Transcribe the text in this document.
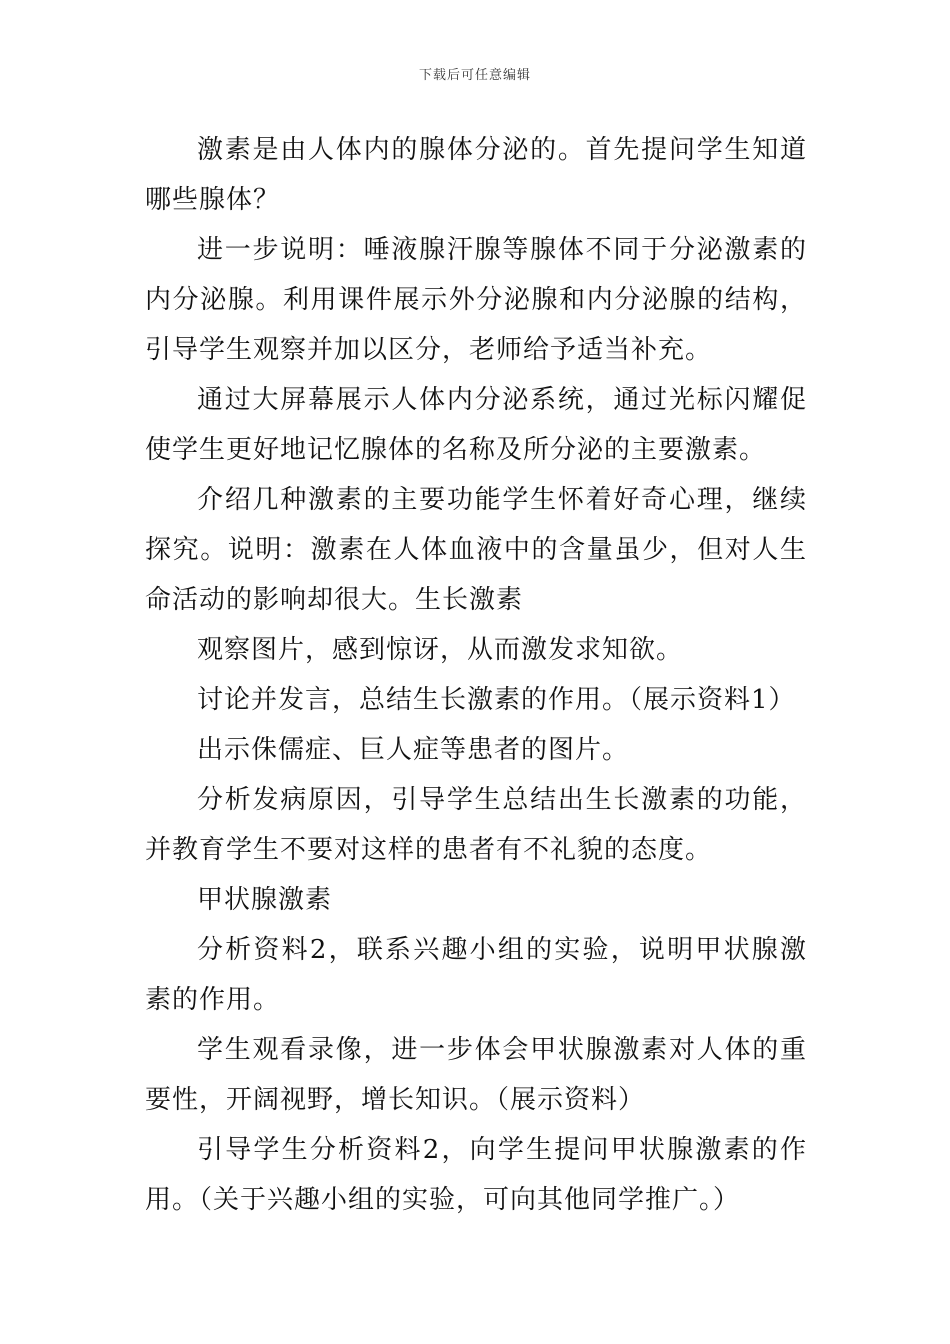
下载后可任意编辑

激素是由人体内的腺体分泌的。首先提问学生知道哪些腺体？

进一步说明：唾液腺汗腺等腺体不同于分泌激素的内分泌腺。利用课件展示外分泌腺和内分泌腺的结构，引导学生观察并加以区分，老师给予适当补充。

通过大屏幕展示人体内分泌系统，通过光标闪耀促使学生更好地记忆腺体的名称及所分泌的主要激素。

介绍几种激素的主要功能学生怀着好奇心理，继续探究。说明：激素在人体血液中的含量虽少，但对人生命活动的影响却很大。生长激素

观察图片，感到惊讶，从而激发求知欲。

讨论并发言，总结生长激素的作用。（展示资料1）

出示侏儒症、巨人症等患者的图片。

分析发病原因，引导学生总结出生长激素的功能，并教育学生不要对这样的患者有不礼貌的态度。

甲状腺激素

分析资料2，联系兴趣小组的实验，说明甲状腺激素的作用。

学生观看录像，进一步体会甲状腺激素对人体的重要性，开阔视野，增长知识。（展示资料）

引导学生分析资料2，向学生提问甲状腺激素的作用。（关于兴趣小组的实验，可向其他同学推广。）
